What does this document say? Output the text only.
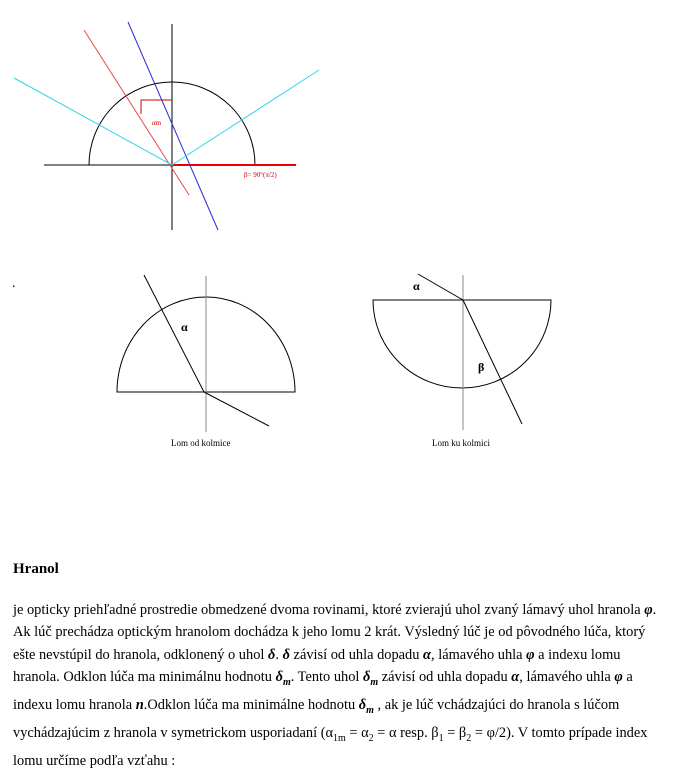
αm
β= 90°(π/2)
α
Lom od kolmice
α
β
Lom ku kolmici
.
Hranol

je opticky priehľadné prostredie obmedzené dvoma rovinami, ktoré zvierajú uhol zvaný lámavý uhol hranola φ. Ak lúč prechádza optickým hranolom dochádza k jeho lomu 2 krát. Výsledný lúč je od pôvodného lúča, ktorý ešte nevstúpil do hranola, odklonený o uhol δ. δ závisí od uhla dopadu α, lámavého uhla φ a indexu lomu hranola. Odklon lúča ma minimálnu hodnotu $\delta_m$. Tento uhol $\delta_m$ závisí od uhla dopadu α, lámavého uhla φ a indexu lomu hranola n.Odklon lúča ma minimálne hodnotu $\delta_m$ , ak je lúč vchádzajúci do hranola s lúčom vychádzajúcim z hranola v symetrickom usporiadaní ($\alpha_{1m} = \alpha_2 = \alpha$ resp. $\beta_1 = \beta_2 = \varphi/2$). V tomto prípade index lomu určíme podľa vzťahu :
